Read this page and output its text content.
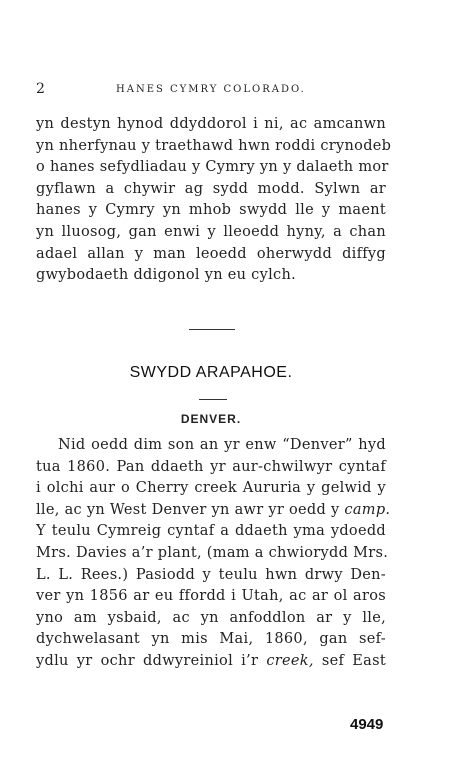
2	HANES CYMRY COLORADO.
yn destyn hynod ddyddorol i ni, ac amcanwn
yn nherfynau y traethawd hwn roddi crynodeb
o hanes sefydliadau y Cymry yn y dalaeth mor
gyflawn a chywir ag sydd modd. Sylwn ar
hanes y Cymry yn mhob swydd lle y maent
yn lluosog, gan enwi y lleoedd hyny, a chan
adael allan y man leoedd oherwydd diffyg
gwybodaeth ddigonol yn eu cylch.
SWYDD ARAPAHOE.
DENVER.
Nid oedd dim son an yr enw “Denver” hyd
tua 1860. Pan ddaeth yr aur-chwilwyr cyntaf
i olchi aur o Cherry creek Aururia y gelwid y
lle, ac yn West Denver yn awr yr oedd y camp.
Y teulu Cymreig cyntaf a ddaeth yma ydoedd
Mrs. Davies a’r plant, (mam a chwiorydd Mrs.
L. L. Rees.) Pasiodd y teulu hwn drwy Den-
ver yn 1856 ar eu ffordd i Utah, ac ar ol aros
yno am ysbaid, ac yn anfoddlon ar y lle,
dychwelasant yn mis Mai, 1860, gan sef-
ydlu yr ochr ddwyreiniol i’r creek, sef East
4949
